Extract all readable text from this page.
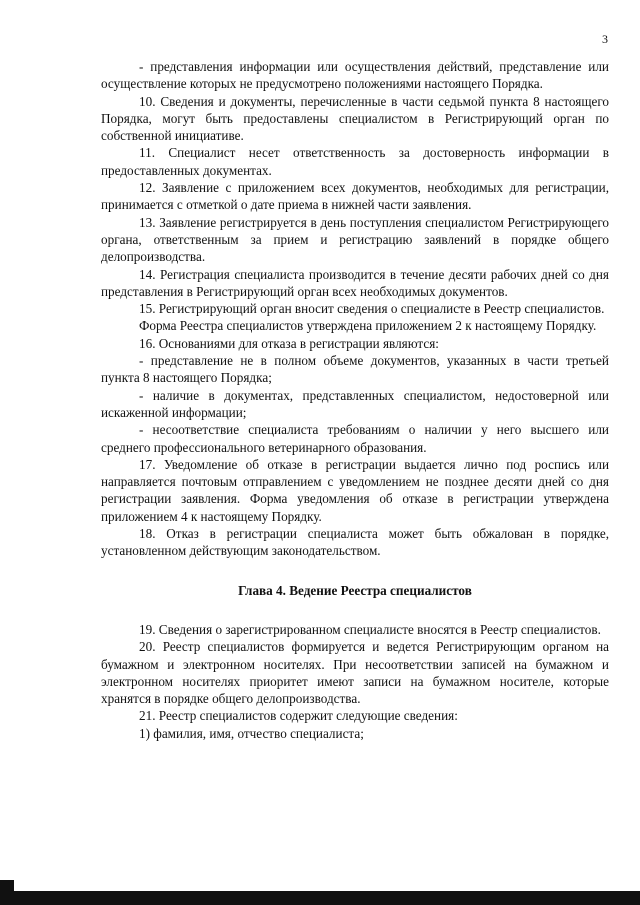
3

- представления информации или осуществления действий, представление или осуществление которых не предусмотрено положениями настоящего Порядка.

10. Сведения и документы, перечисленные в части седьмой пункта 8 настоящего Порядка, могут быть предоставлены специалистом в Регистрирующий орган по собственной инициативе.

11. Специалист несет ответственность за достоверность информации в предоставленных документах.

12. Заявление с приложением всех документов, необходимых для регистрации, принимается с отметкой о дате приема в нижней части заявления.

13. Заявление регистрируется в день поступления специалистом Регистрирующего органа, ответственным за прием и регистрацию заявлений в порядке общего делопроизводства.

14. Регистрация специалиста производится в течение десяти рабочих дней со дня представления в Регистрирующий орган всех необходимых документов.

15. Регистрирующий орган вносит сведения о специалисте в Реестр специалистов.

Форма Реестра специалистов утверждена приложением 2 к настоящему Порядку.

16. Основаниями для отказа в регистрации являются:

- представление не в полном объеме документов, указанных в части третьей пункта 8 настоящего Порядка;

- наличие в документах, представленных специалистом, недостоверной или искаженной информации;

- несоответствие специалиста требованиям о наличии у него высшего или среднего профессионального ветеринарного образования.

17. Уведомление об отказе в регистрации выдается лично под роспись или направляется почтовым отправлением с уведомлением не позднее десяти дней со дня регистрации заявления. Форма уведомления об отказе в регистрации утверждена приложением 4 к настоящему Порядку.

18. Отказ в регистрации специалиста может быть обжалован в порядке, установленном действующим законодательством.

Глава 4. Ведение Реестра специалистов

19. Сведения о зарегистрированном специалисте вносятся в Реестр специалистов.

20. Реестр специалистов формируется и ведется Регистрирующим органом на бумажном и электронном носителях. При несоответствии записей на бумажном и электронном носителях приоритет имеют записи на бумажном носителе, которые хранятся в порядке общего делопроизводства.

21. Реестр специалистов содержит следующие сведения:

1) фамилия, имя, отчество специалиста;
